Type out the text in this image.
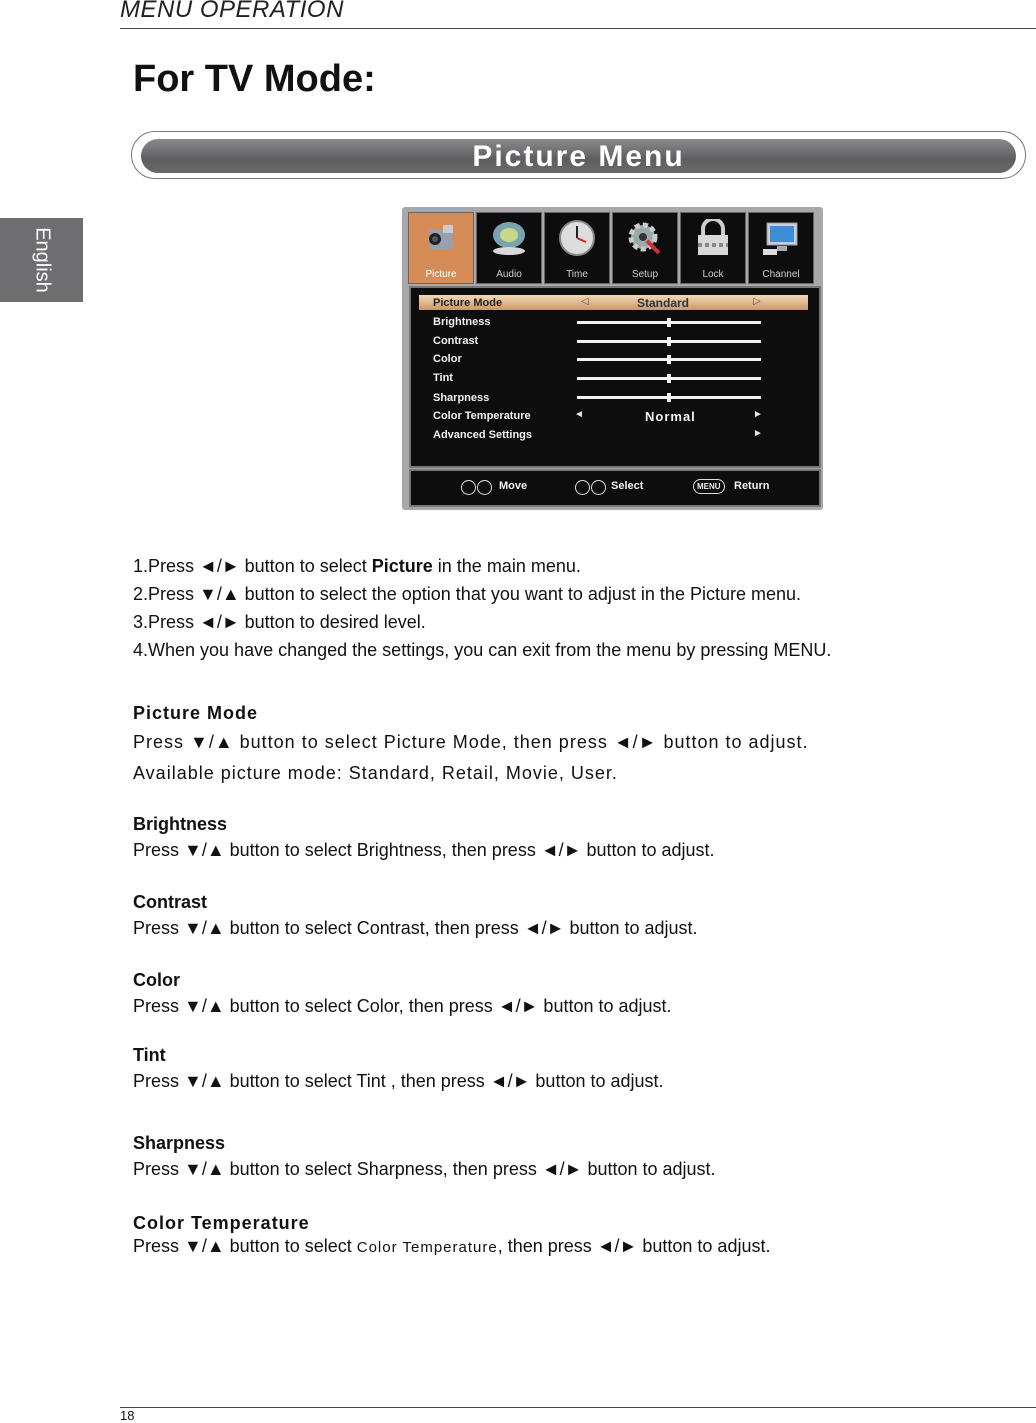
MENU OPERATION
English
For TV Mode:
Picture Menu
Picture	Audio	Time	Setup	Lock	Channel
Picture Mode	◁	Standard	▷
Brightness
Contrast
Color
Tint
Sharpness
Color Temperature	◄	Normal	►
Advanced Settings	►
Move	Select	MENU	Return
1.Press ◄/► button to select Picture in the main menu.
2.Press ▼/▲ button to select the option that you want to adjust in the Picture menu.
3.Press ◄/► button to desired level.
4.When you have changed the settings, you can exit from the menu by pressing MENU.
Picture Mode
Press ▼/▲ button to select Picture Mode, then press ◄/► button to adjust.
Available picture mode: Standard, Retail, Movie, User.
Brightness
Press ▼/▲ button to select Brightness, then press ◄/► button to adjust.
Contrast
Press ▼/▲ button to select Contrast, then press ◄/► button to adjust.
Color
Press ▼/▲ button to select Color, then press ◄/► button to adjust.
Tint
Press ▼/▲ button to select Tint , then press ◄/► button to adjust.
Sharpness
Press ▼/▲ button to select Sharpness, then press ◄/► button to adjust.
Color Temperature
Press ▼/▲ button to select Color Temperature, then press ◄/► button to adjust.
18
